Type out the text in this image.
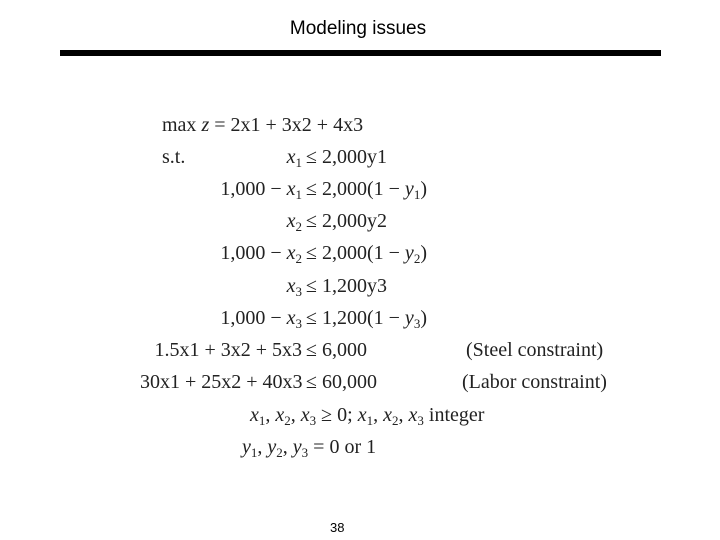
Modeling issues
max z = 2x1 + 3x2 + 4x3
s.t.	$x_1 \le 2,000y1$
$1,000 - x_1 \le 2,000(1 - y_1)$
$x_2 \le 2,000y2$
$1,000 - x_2 \le 2,000(1 - y_2)$
$x_3 \le 1,200y3$
$1,000 - x_3 \le 1,200(1 - y_3)$
1.5x1 + 3x2 + 5x3 ≤ 6,000	(Steel constraint)
30x1 + 25x2 + 40x3 ≤ 60,000	(Labor constraint)
$x_1$, $x_2$, $x_3 \ge 0$; $x_1$, $x_2$, $x_3$ integer
$y_1$, $y_2$, $y_3 = 0$ or 1
38
